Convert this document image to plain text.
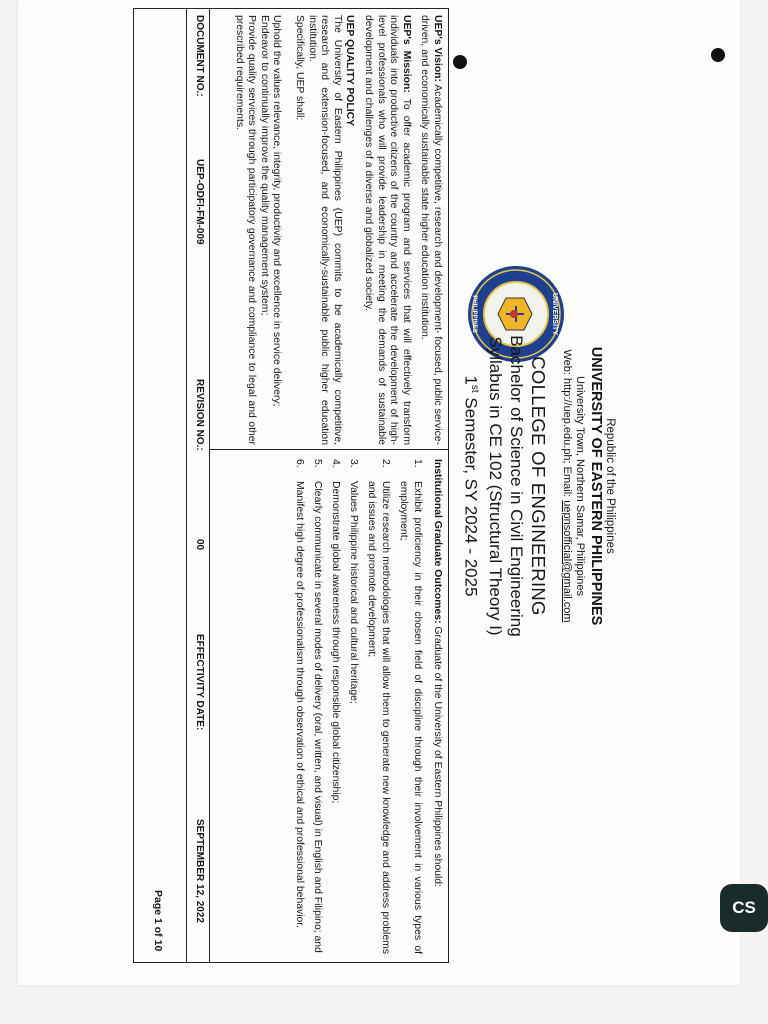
UNIVERSITY
PHILIPPINES
Republic of the Philippines
UNIVERSITY OF EASTERN PHILIPPINES
University Town, Northern Samar, Philippines
Web: http://uep.edu.ph; Email: uepnsofficial@gmail.com
COLLEGE OF ENGINEERING
Bachelor of Science in Civil Engineering
Syllabus in CE 102 (Structural Theory I)
1st Semester, SY 2024 - 2025

UEP's Vision: Academically competitive, research and development- focused, public service-driven, and economically sustainable state higher education institution.

UEP's Mission: To offer academic program and services that will effectively transform individuals into productive citizens of the country and accelerate the development of high-level professionals who will provide leadership in meeting the demands of sustainable development and challenges of a diverse and globalized society.

UEP QUALITY POLICY
The University of Eastern Philippines (UEP) commits to be academically competitive, research and extension-focused, and economically-sustainable public higher education institution.
Specifically, UEP shall:

Uphold the values relevance, integrity, productivity and excellence in service delivery;

Endeavor to continually improve the quality management system;

Provide quality services through participatory governance and compliance to legal and other prescribed requirements.

Institutional Graduate Outcomes: Graduate of the University of Eastern Philippines should:

1.
Exhibit proficiency in their chosen field of discipline through their involvement in various types of employment;
2.
Utilize research methodologies that will allow them to generate new knowledge and address problems and issues and promote development;
3.
Values Philippine historical and cultural heritage;
4.
Demonstrate global awareness through responsible global citizenship;
5.
Clearly communicate in several modes of delivery (oral, written, and visual) in English and Filipino; and
6.
Manifest high degree of professionalism through observation of ethical and professional behavior.
DOCUMENT NO.:
UEP-ODFI-FM-009
REVISION NO.:
00
EFFECTIVITY DATE:
SEPTEMBER 12, 2022
Page 1 of 10	CS
